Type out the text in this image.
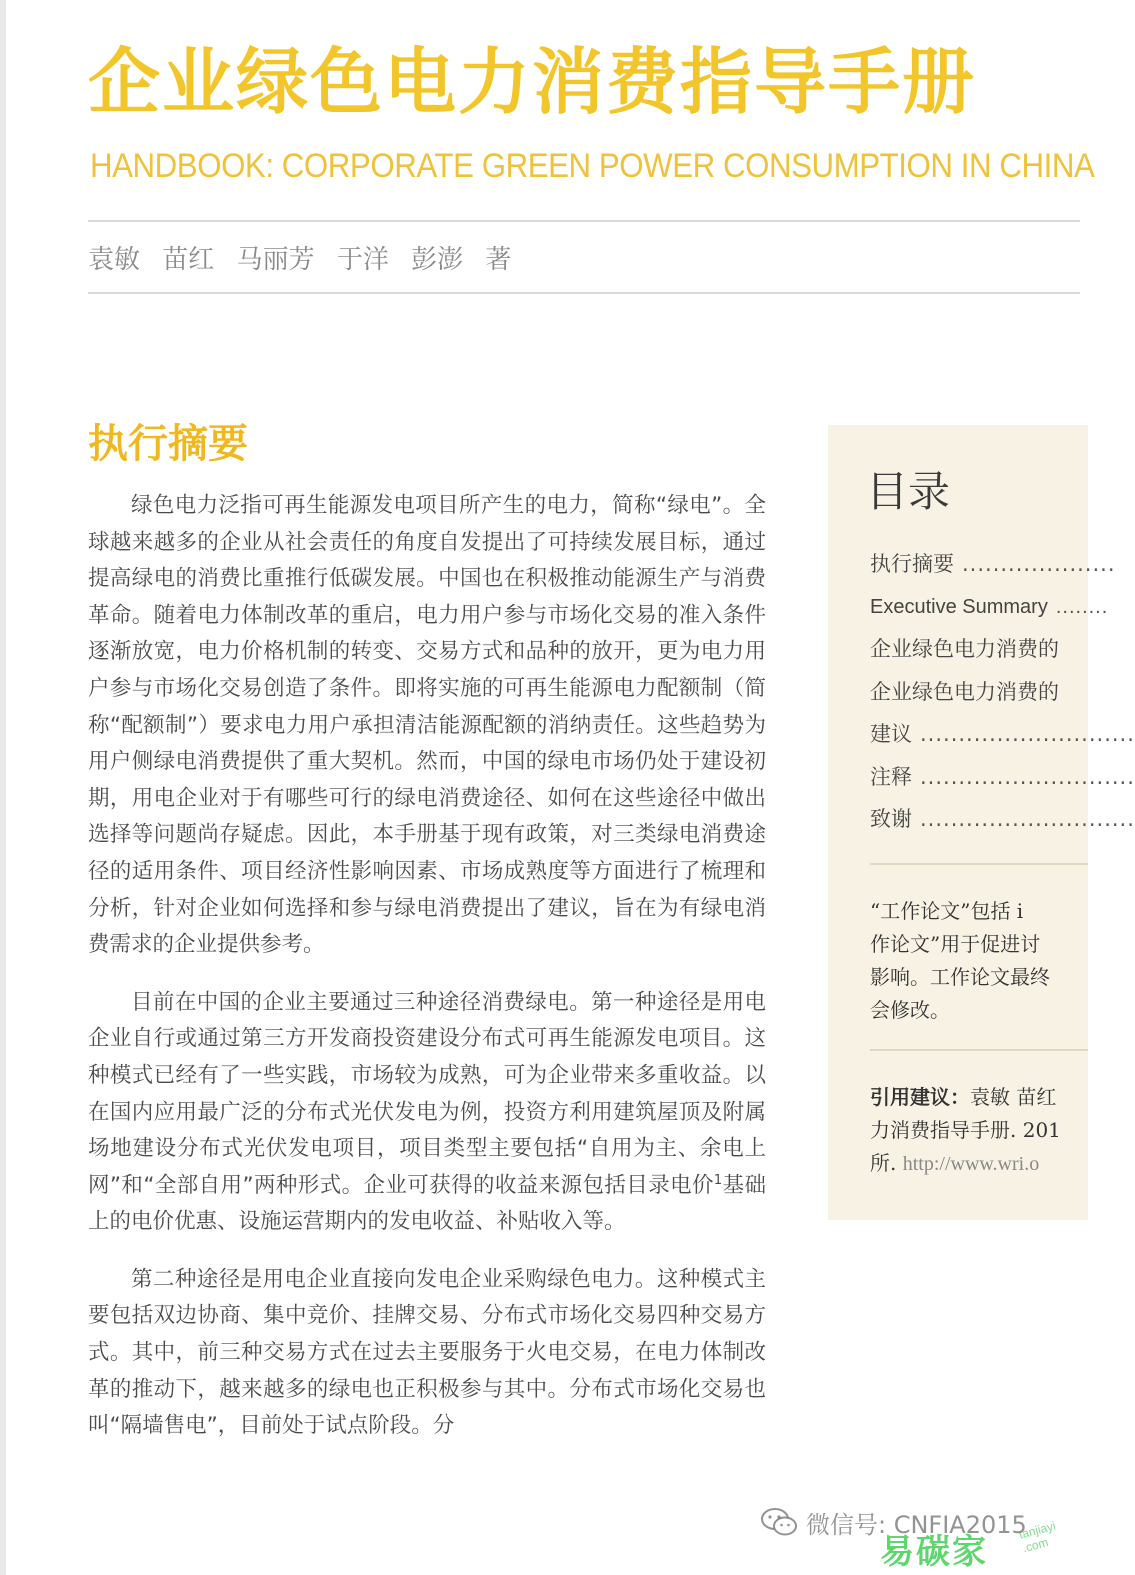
企业绿色电力消费指导手册
HANDBOOK: CORPORATE GREEN POWER CONSUMPTION IN CHINA
袁敏 苗红 马丽芳 于洋 彭澎 著
执行摘要

绿色电力泛指可再生能源发电项目所产生的电力，简称“绿电”。全球越来越多的企业从社会责任的角度自发提出了可持续发展目标，通过提高绿电的消费比重推行低碳发展。中国也在积极推动能源生产与消费革命。随着电力体制改革的重启，电力用户参与市场化交易的准入条件逐渐放宽，电力价格机制的转变、交易方式和品种的放开，更为电力用户参与市场化交易创造了条件。即将实施的可再生能源电力配额制（简称“配额制”）要求电力用户承担清洁能源配额的消纳责任。这些趋势为用户侧绿电消费提供了重大契机。然而，中国的绿电市场仍处于建设初期，用电企业对于有哪些可行的绿电消费途径、如何在这些途径中做出选择等问题尚存疑虑。因此，本手册基于现有政策，对三类绿电消费途径的适用条件、项目经济性影响因素、市场成熟度等方面进行了梳理和分析，针对企业如何选择和参与绿电消费提出了建议，旨在为有绿电消费需求的企业提供参考。

目前在中国的企业主要通过三种途径消费绿电。第一种途径是用电企业自行或通过第三方开发商投资建设分布式可再生能源发电项目。这种模式已经有了一些实践，市场较为成熟，可为企业带来多重收益。以在国内应用最广泛的分布式光伏发电为例，投资方利用建筑屋顶及附属场地建设分布式光伏发电项目，项目类型主要包括“自用为主、余电上网”和“全部自用”两种形式。企业可获得的收益来源包括目录电价$^1$基础上的电价优惠、设施运营期内的发电收益、补贴收入等。

第二种途径是用电企业直接向发电企业采购绿色电力。这种模式主要包括双边协商、集中竞价、挂牌交易、分布式市场化交易四种交易方式。其中，前三种交易方式在过去主要服务于火电交易，在电力体制改革的推动下，越来越多的绿电也正积极参与其中。分布式市场化交易也叫“隔墙售电”，目前处于试点阶段。分

目录
执行摘要 ....................
Executive Summary ........
企业绿色电力消费的
企业绿色电力消费的
建议 ............................
注释 ............................
致谢 ............................
“工作论文”包括 i
作论文”用于促进讨
影响。工作论文最终
会修改。
引用建议：袁敏 苗红
力消费指导手册. 201
所. http://www.wri.o
微信号: CNFIA2015
易碳家
tanjiayi .com
